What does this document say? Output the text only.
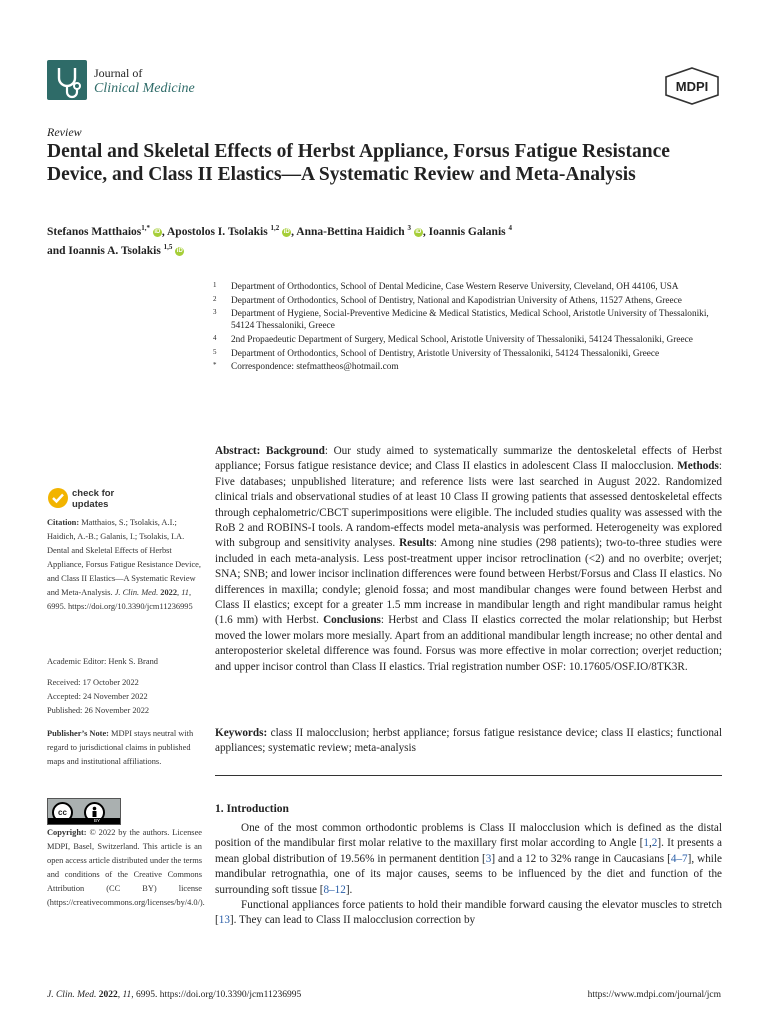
Journal of
Clinical Medicine	MDPI
Review
Dental and Skeletal Effects of Herbst Appliance, Forsus Fatigue Resistance Device, and Class II Elastics—A Systematic Review and Meta-Analysis
Stefanos Matthaios$^{1,*}$ iD , Apostolos I. Tsolakis $^{1,2}$ iD , Anna-Bettina Haidich $^3$ iD , Ioannis Galanis $^4$
and Ioannis A. Tsolakis $^{1,5}$ iD
1 Department of Orthodontics, School of Dental Medicine, Case Western Reserve University, Cleveland, OH 44106, USA
2 Department of Orthodontics, School of Dentistry, National and Kapodistrian University of Athens, 11527 Athens, Greece
3 Department of Hygiene, Social-Preventive Medicine & Medical Statistics, Medical School, Aristotle University of Thessaloniki, 54124 Thessaloniki, Greece
4 2nd Propaedeutic Department of Surgery, Medical School, Aristotle University of Thessaloniki, 54124 Thessaloniki, Greece
5 Department of Orthodontics, School of Dentistry, Aristotle University of Thessaloniki, 54124 Thessaloniki, Greece
* Correspondence: stefmattheos@hotmail.com
Abstract: Background: Our study aimed to systematically summarize the dentoskeletal effects of Herbst appliance; Forsus fatigue resistance device; and Class II elastics in adolescent Class II malocclusion. Methods: Five databases; unpublished literature; and reference lists were last searched in August 2022. Randomized clinical trials and observational studies of at least 10 Class II growing patients that assessed dentoskeletal effects through cephalometric/CBCT superimpositions were eligible. The included studies quality was assessed with the RoB 2 and ROBINS-I tools. A random-effects model meta-analysis was performed. Heterogeneity was explored with subgroup and sensitivity analyses. Results: Among nine studies (298 patients); two-to-three studies were included in each meta-analysis. Less post-treatment upper incisor retroclination (<2) and no overbite; overjet; SNA; SNB; and lower incisor inclination differences were found between Herbst/Forsus and Class II elastics. No differences in maxilla; condyle; glenoid fossa; and most mandibular changes were found between Herbst and Class II elastics; except for a greater 1.5 mm increase in mandibular length and right mandibular ramus height (1.6 mm) with Herbst. Conclusions: Herbst and Class II elastics corrected the molar relationship; but Herbst moved the lower molars more mesially. Apart from an additional mandibular length increase; no other dental and anteroposterior skeletal difference was found. Forsus was more effective in molar correction; overjet reduction; and upper incisor control than Class II elastics. Trial registration number OSF: 10.17605/OSF.IO/8TK3R.
Keywords: class II malocclusion; herbst appliance; forsus fatigue resistance device; class II elastics; functional appliances; systematic review; meta-analysis
1. Introduction

One of the most common orthodontic problems is Class II malocclusion which is defined as the distal position of the mandibular first molar relative to the maxillary first molar according to Angle [1,2]. It presents a mean global distribution of 19.56% in permanent dentition [3] and a 12 to 32% range in Caucasians [4–7], while mandibular retrognathia, one of its major causes, seems to be influenced by the diet and function of the surrounding soft tissue [8–12].

Functional appliances force patients to hold their mandible forward causing the elevator muscles to stretch [13]. They can lead to Class II malocclusion correction by

check for
updates
Citation: Matthaios, S.; Tsolakis, A.I.; Haidich, A.-B.; Galanis, I.; Tsolakis, I.A. Dental and Skeletal Effects of Herbst Appliance, Forsus Fatigue Resistance Device, and Class II Elastics—A Systematic Review and Meta-Analysis. J. Clin. Med. 2022, 11, 6995. https://doi.org/10.3390/jcm11236995
Academic Editor: Henk S. Brand
Received: 17 October 2022
Accepted: 24 November 2022
Published: 26 November 2022
Publisher’s Note: MDPI stays neutral with regard to jurisdictional claims in published maps and institutional affiliations.
cc
BY
Copyright: © 2022 by the authors. Licensee MDPI, Basel, Switzerland. This article is an open access article distributed under the terms and conditions of the Creative Commons Attribution (CC BY) license (https://creativecommons.org/licenses/by/4.0/).
J. Clin. Med. 2022, 11, 6995. https://doi.org/10.3390/jcm11236995	https://www.mdpi.com/journal/jcm
